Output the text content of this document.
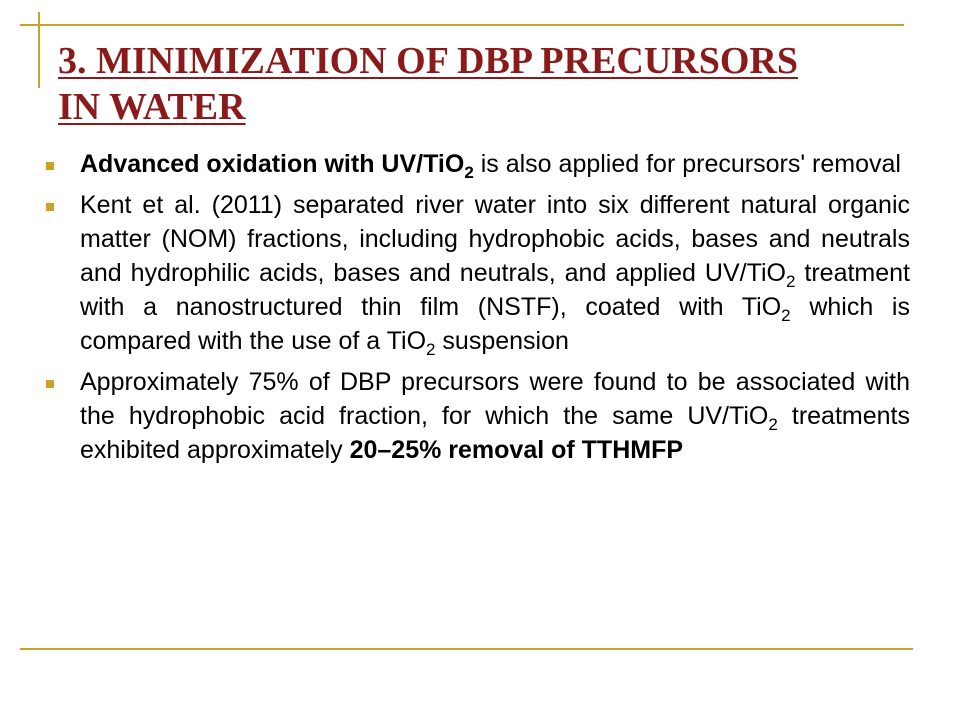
3. MINIMIZATION OF DBP PRECURSORS
IN WATER
Advanced oxidation with UV/TiO$_2$ is also applied for precursors' removal
Kent et al. (2011) separated river water into six different natural organic matter (NOM) fractions, including hydrophobic acids, bases and neutrals and hydrophilic acids, bases and neutrals, and applied UV/TiO$_2$ treatment with a nanostructured thin film (NSTF), coated with TiO$_2$ which is compared with the use of a TiO$_2$ suspension
Approximately 75% of DBP precursors were found to be associated with the hydrophobic acid fraction, for which the same UV/TiO$_2$ treatments exhibited approximately 20–25% removal of TTHMFP
